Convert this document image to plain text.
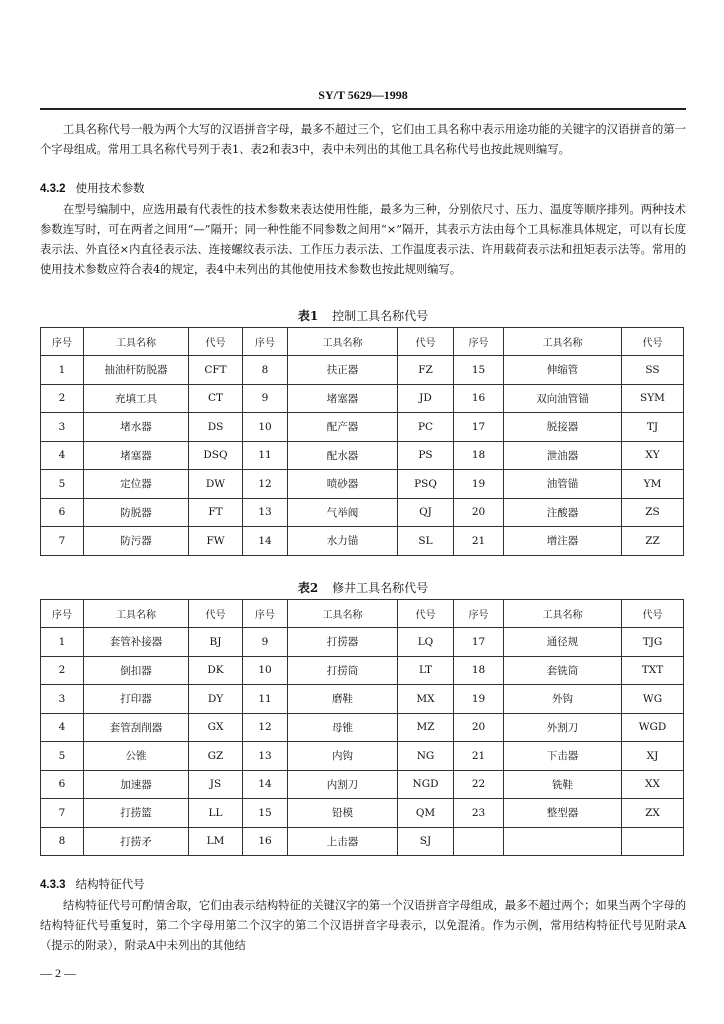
SY/T 5629—1998

工具名称代号一般为两个大写的汉语拼音字母，最多不超过三个，它们由工具名称中表示用途功能的关键字的汉语拼音的第一个字母组成。常用工具名称代号列于表1、表2和表3中，表中未列出的其他工具名称代号也按此规则编写。

4.3.2 使用技术参数

在型号编制中，应选用最有代表性的技术参数来表达使用性能，最多为三种，分别依尺寸、压力、温度等顺序排列。两种技术参数连写时，可在两者之间用“—”隔开；同一种性能不同参数之间用“×”隔开，其表示方法由每个工具标准具体规定，可以有长度表示法、外直径×内直径表示法、连接螺纹表示法、工作压力表示法、工作温度表示法、许用载荷表示法和扭矩表示法等。常用的使用技术参数应符合表4的规定，表4中未列出的其他使用技术参数也按此规则编写。

表1 控制工具名称代号
序号	工具名称	代号	序号	工具名称	代号	序号	工具名称	代号
1	抽油杆防脱器	CFT	8	扶正器	FZ	15	伸缩管	SS
2	充填工具	CT	9	堵塞器	JD	16	双向油管锚	SYM
3	堵水器	DS	10	配产器	PC	17	脱接器	TJ
4	堵塞器	DSQ	11	配水器	PS	18	泄油器	XY
5	定位器	DW	12	喷砂器	PSQ	19	油管锚	YM
6	防脱器	FT	13	气举阀	QJ	20	注酸器	ZS
7	防污器	FW	14	水力锚	SL	21	增注器	ZZ
表2 修井工具名称代号
序号	工具名称	代号	序号	工具名称	代号	序号	工具名称	代号
1	套管补接器	BJ	9	打捞器	LQ	17	通径规	TJG
2	倒扣器	DK	10	打捞筒	LT	18	套铣筒	TXT
3	打印器	DY	11	磨鞋	MX	19	外钩	WG
4	套管刮削器	GX	12	母锥	MZ	20	外割刀	WGD
5	公锥	GZ	13	内钩	NG	21	下击器	XJ
6	加速器	JS	14	内割刀	NGD	22	铣鞋	XX
7	打捞篮	LL	15	铅模	QM	23	整型器	ZX
8	打捞矛	LM	16	上击器	SJ			
4.3.3 结构特征代号

结构特征代号可酌情舍取，它们由表示结构特征的关键汉字的第一个汉语拼音字母组成，最多不超过两个；如果当两个字母的结构特征代号重复时，第二个字母用第二个汉字的第二个汉语拼音字母表示，以免混淆。作为示例，常用结构特征代号见附录A（提示的附录），附录A中未列出的其他结

— 2 —
